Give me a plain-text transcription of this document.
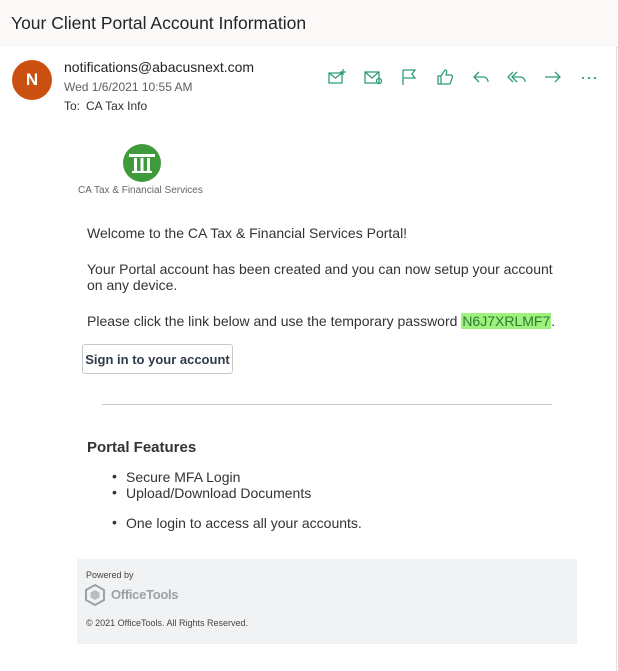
Your Client Portal Account Information
N
notifications@abacusnext.com
Wed 1/6/2021 10:55 AM
To: CA Tax Info
CA Tax & Financial Services
Welcome to the CA Tax & Financial Services Portal!
Your Portal account has been created and you can now setup your account on any device.
Please click the link below and use the temporary password N6J7XRLMF7.
Sign in to your account
Portal Features
• Secure MFA Login
• Upload/Download Documents
• One login to access all your accounts.
Powered by
OfficeTools
© 2021 OfficeTools. All Rights Reserved.
